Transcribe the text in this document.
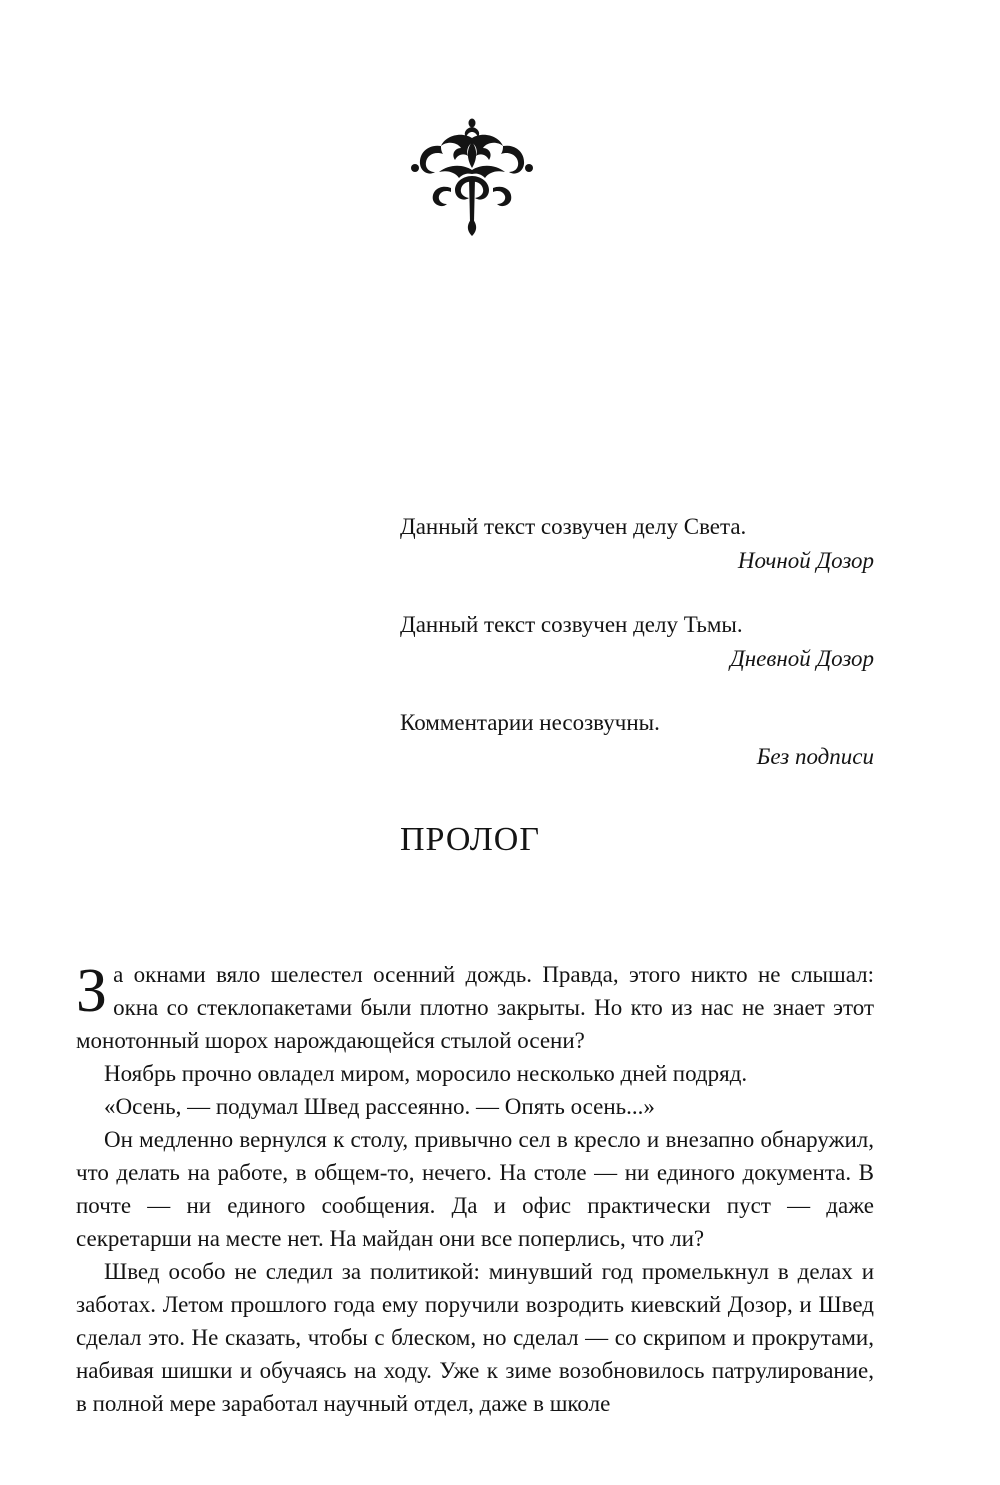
Данный текст созвучен делу Света.

Ночной Дозор

Данный текст созвучен делу Тьмы.

Дневной Дозор

Комментарии несозвучны.

Без подписи

ПРОЛОГ

За окнами вяло шелестел осенний дождь. Правда, этого никто не слышал: окна со стеклопакетами были плотно закрыты. Но кто из нас не знает этот монотонный шорох нарождающейся стылой осени?

Ноябрь прочно овладел миром, моросило несколько дней подряд.

«Осень, — подумал Швед рассеянно. — Опять осень...»

Он медленно вернулся к столу, привычно сел в кресло и внезапно обнаружил, что делать на работе, в общем-то, нечего. На столе — ни единого документа. В почте — ни единого сообщения. Да и офис практически пуст — даже секретарши на месте нет. На майдан они все поперлись, что ли?

Швед особо не следил за политикой: минувший год промелькнул в делах и заботах. Летом прошлого года ему поручили возродить киевский Дозор, и Швед сделал это. Не сказать, чтобы с блеском, но сделал — со скрипом и прокрутами, набивая шишки и обучаясь на ходу. Уже к зиме возобновилось патрулирование, в полной мере заработал научный отдел, даже в школе
